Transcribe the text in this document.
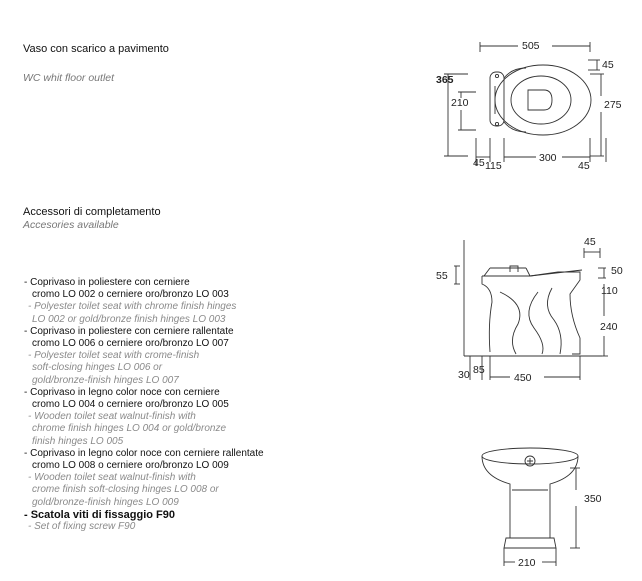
Vaso con scarico a pavimento
WC whit floor outlet
Accessori di completamento
Accesories available
- Coprivaso in poliestere con cerniere
cromo LO 002 o cerniere oro/bronzo LO 003
- Polyester toilet seat with chrome finish hinges
LO 002 or gold/bronze finish hinges LO 003
- Coprivaso in poliestere con cerniere rallentate
cromo LO 006 o cerniere oro/bronzo LO 007
- Polyester toilet seat with crome-finish
soft-closing hinges LO 006 or
gold/bronze-finish hinges LO 007
- Coprivaso in legno color noce con cerniere
cromo LO 004 o cerniere oro/bronzo LO 005
- Wooden toilet seat walnut-finish with
chrome finish hinges LO 004 or gold/bronze
finish hinges LO 005
- Coprivaso in legno color noce con cerniere rallentate
cromo LO 008 o cerniere oro/bronzo LO 009
- Wooden toilet seat walnut-finish with
crome finish soft-closing hinges LO 008 or
gold/bronze-finish hinges LO 009
- Scatola viti di fissaggio F90
- Set of fixing screw F90
505
365
210
45
275
45 115
300
45
45
55	50
110
240
30 85
450
350
210
